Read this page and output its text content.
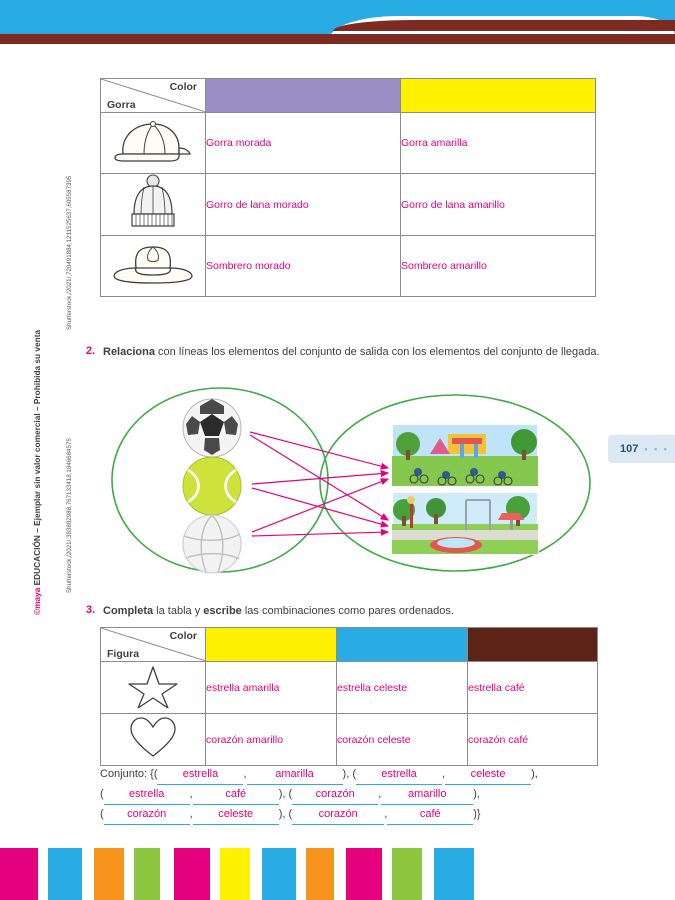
Shutterstock,/2021/,720491884,1211525637,605587395
Shutterstock,/2021/,383802988,767133418,1046684575
©maya EDUCACIÓN – Ejemplar sin valor comercial – Prohibida su venta
Color
Gorra		

	Gorra morada	Gorra amarilla
	Gorro de lana morado	Gorro de lana amarillo
	Sombrero morado	Sombrero amarillo
2. Relaciona con líneas los elementos del conjunto de salida con los elementos del conjunto de llegada.
107 • • •
3. Completa la tabla y escribe las combinaciones como pares ordenados.
Color
Figura			

	estrella amarilla	estrella celeste	estrella café
	corazón amarillo	corazón celeste	corazón café
Conjunto: {( estrella ,	amarilla	), ( estrella , celeste ),
( estrella ,	café	), ( corazón , amarillo ),
( corazón , celeste ), ( corazón ,	café	)}
